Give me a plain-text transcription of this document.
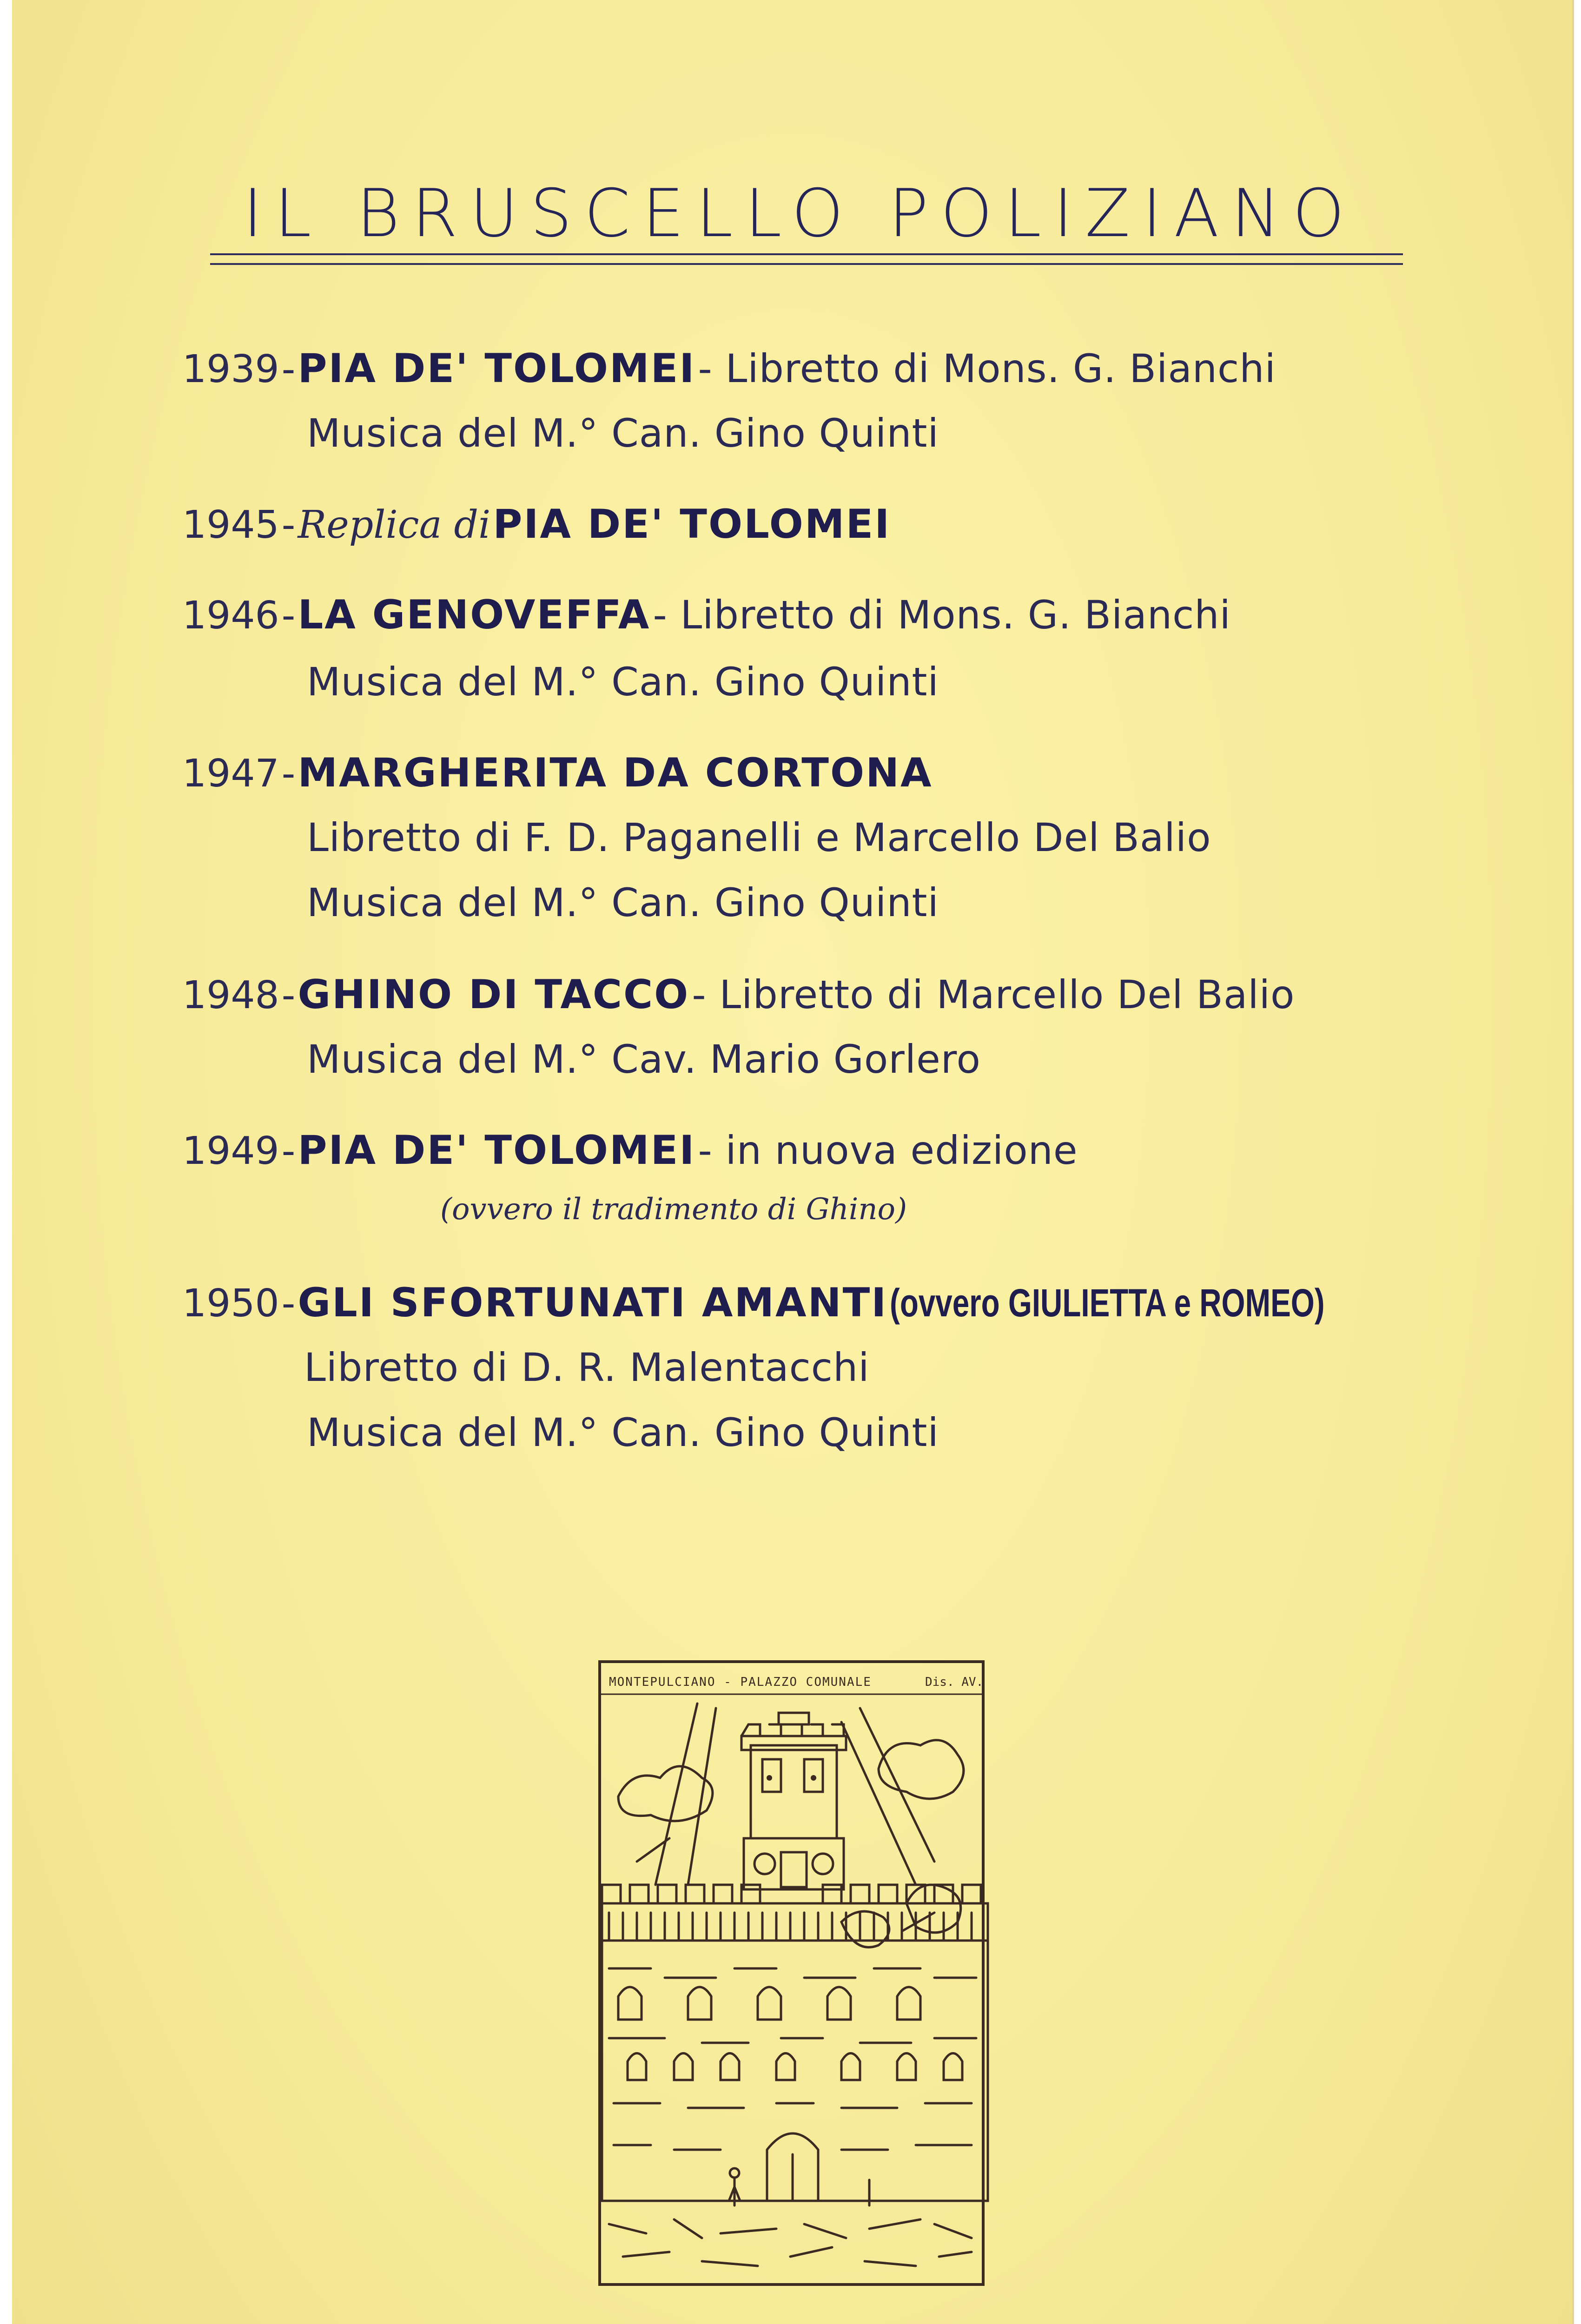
IL BRUSCELLO POLIZIANO
1939 - PIA DE' TOLOMEI - Libretto di Mons. G. Bianchi
Musica del M.° Can. Gino Quinti
1945 - Replica di PIA DE' TOLOMEI
1946 - LA GENOVEFFA - Libretto di Mons. G. Bianchi
Musica del M.° Can. Gino Quinti
1947 - MARGHERITA DA CORTONA
Libretto di F. D. Paganelli e Marcello Del Balio
Musica del M.° Can. Gino Quinti
1948 - GHINO DI TACCO - Libretto di Marcello Del Balio
Musica del M.° Cav. Mario Gorlero
1949 - PIA DE' TOLOMEI - in nuova edizione
(ovvero il tradimento di Ghino)
1950 - GLI SFORTUNATI AMANTI (ovvero GIULIETTA e ROMEO)
Libretto di D. R. Malentacchi
Musica del M.° Can. Gino Quinti
MONTEPULCIANO - PALAZZO COMUNALE	Dis. AV.
